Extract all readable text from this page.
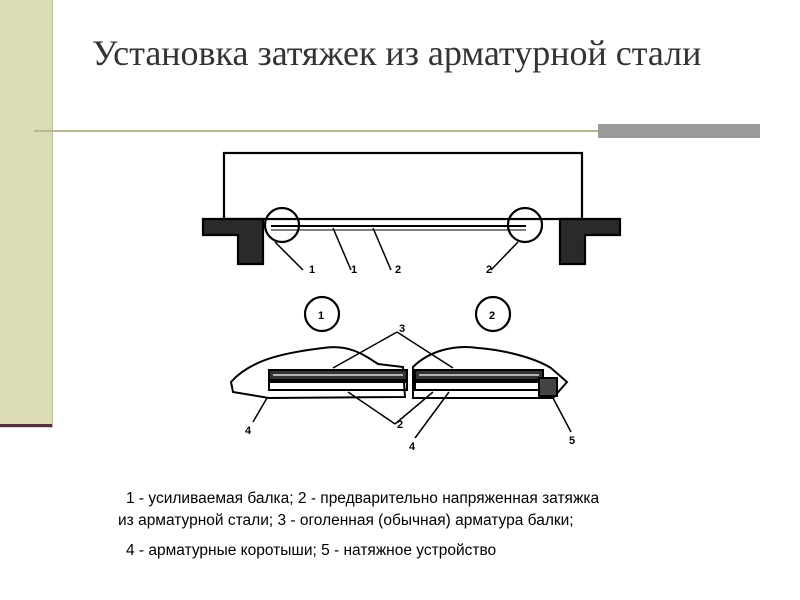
Установка затяжек из арматурной стали
1	1	2	2
1	2
3
4	2
4	5

1 - усиливаемая балка; 2 - предварительно напряженная затяжка

из арматурной стали; 3 - оголенная (обычная) арматура балки;

4 - арматурные коротыши; 5 - натяжное устройство
